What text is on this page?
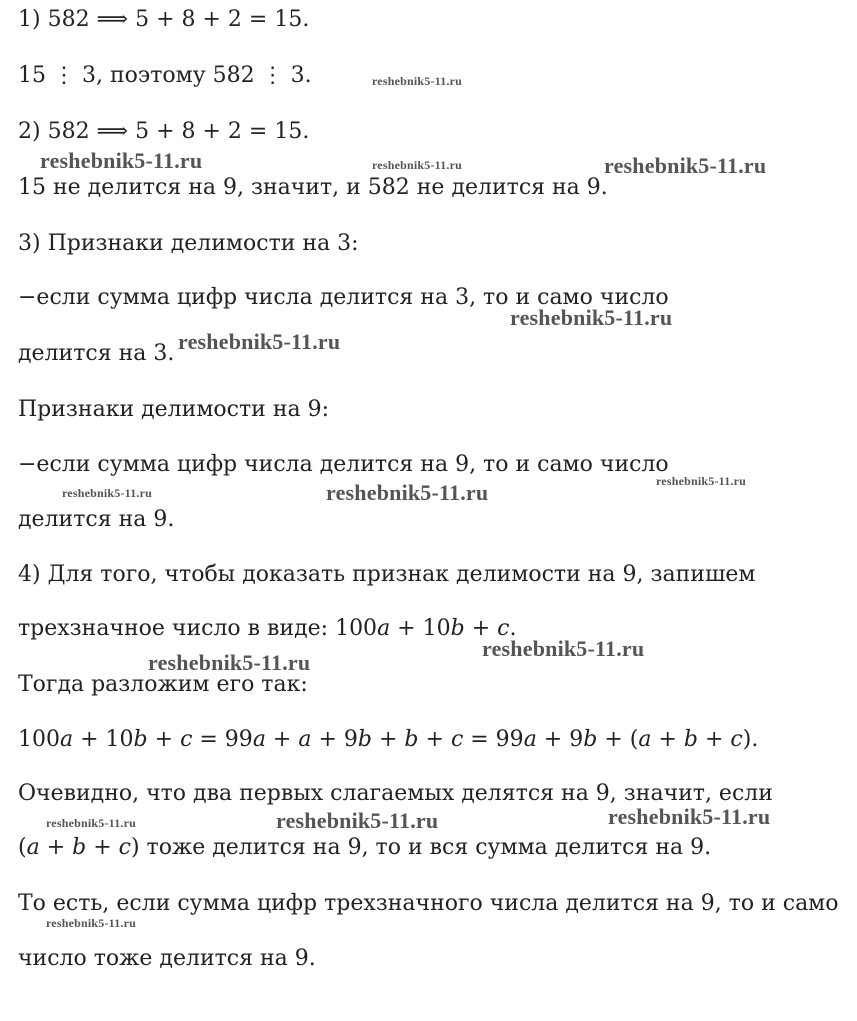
1) 582 ⟹ 5 + 8 + 2 = 15.
15 ⋮ 3, поэтому 582 ⋮ 3.
2) 582 ⟹ 5 + 8 + 2 = 15.
15 не делится на 9, значит, и 582 не делится на 9.
3) Признаки делимости на 3:
−если сумма цифр числа делится на 3, то и само число
делится на 3.
Признаки делимости на 9:
−если сумма цифр числа делится на 9, то и само число
делится на 9.
4) Для того, чтобы доказать признак делимости на 9, запишем
трехзначное число в виде: 100a + 10b + c.
Тогда разложим его так:
100a + 10b + c = 99a + a + 9b + b + c = 99a + 9b + (a + b + c).
Очевидно, что два первых слагаемых делятся на 9, значит, если
(a + b + c) тоже делится на 9, то и вся сумма делится на 9.
То есть, если сумма цифр трехзначного числа делится на 9, то и само
число тоже делится на 9.
reshebnik5-11.ru
reshebnik5-11.ru	reshebnik5-11.ru	reshebnik5-11.ru
reshebnik5-11.ru
reshebnik5-11.ru
reshebnik5-11.ru	reshebnik5-11.ru	reshebnik5-11.ru
reshebnik5-11.ru
reshebnik5-11.ru
reshebnik5-11.ru	reshebnik5-11.ru	reshebnik5-11.ru
reshebnik5-11.ru
